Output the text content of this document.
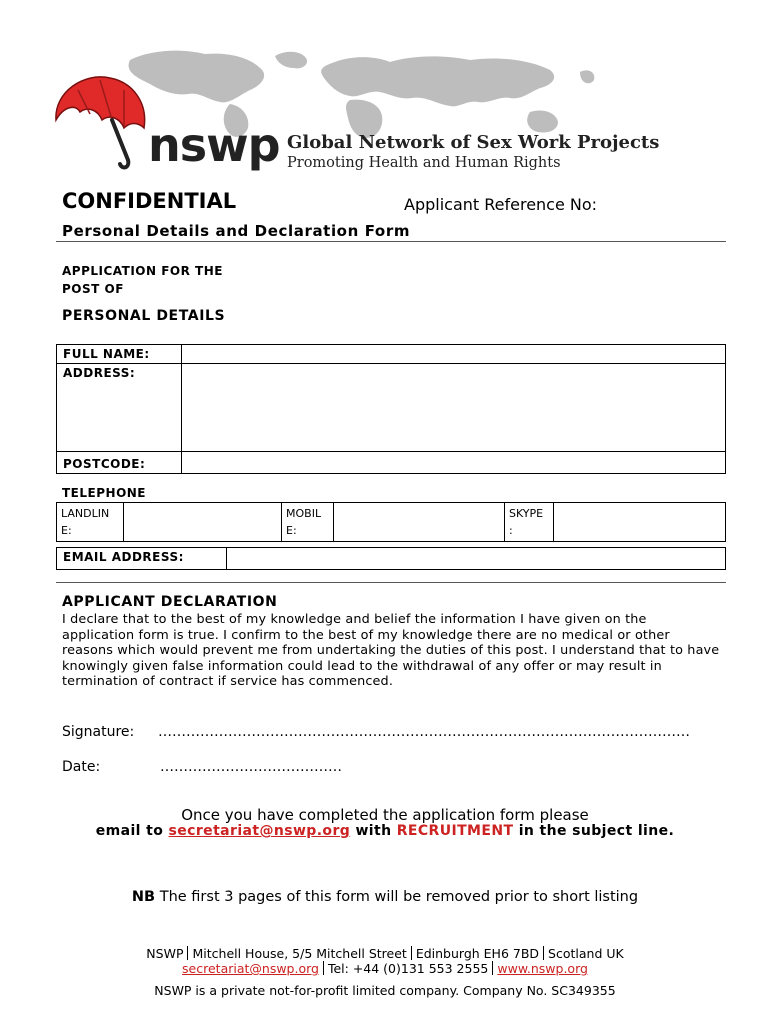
nswp Global Network of Sex Work Projects
Promoting Health and Human Rights
CONFIDENTIAL	Applicant Reference No:
Personal Details and Declaration Form
APPLICATION FOR THE
POST OF
PERSONAL DETAILS
FULL NAME:	
ADDRESS:	
POSTCODE:	
TELEPHONE
LANDLIN
E:

MOBIL
E:

SKYPE
:

EMAIL ADDRESS:	
APPLICANT DECLARATION
I declare that to the best of my knowledge and belief the information I have given on the application form is true. I confirm to the best of my knowledge there are no medical or other reasons which would prevent me from undertaking the duties of this post. I understand that to have knowingly given false information could lead to the withdrawal of any offer or may result in termination of contract if service has commenced.
Signature: ……………………………………………………………………………………………………
Date:	…………………………………
Once you have completed the application form please
email to secretariat@nswp.org with RECRUITMENT in the subject line.
NB The first 3 pages of this form will be removed prior to short listing
NSWP Mitchell House, 5/5 Mitchell Street Edinburgh EH6 7BD Scotland UK
secretariat@nswp.org Tel: +44 (0)131 553 2555 www.nswp.org
NSWP is a private not-for-profit limited company. Company No. SC349355
